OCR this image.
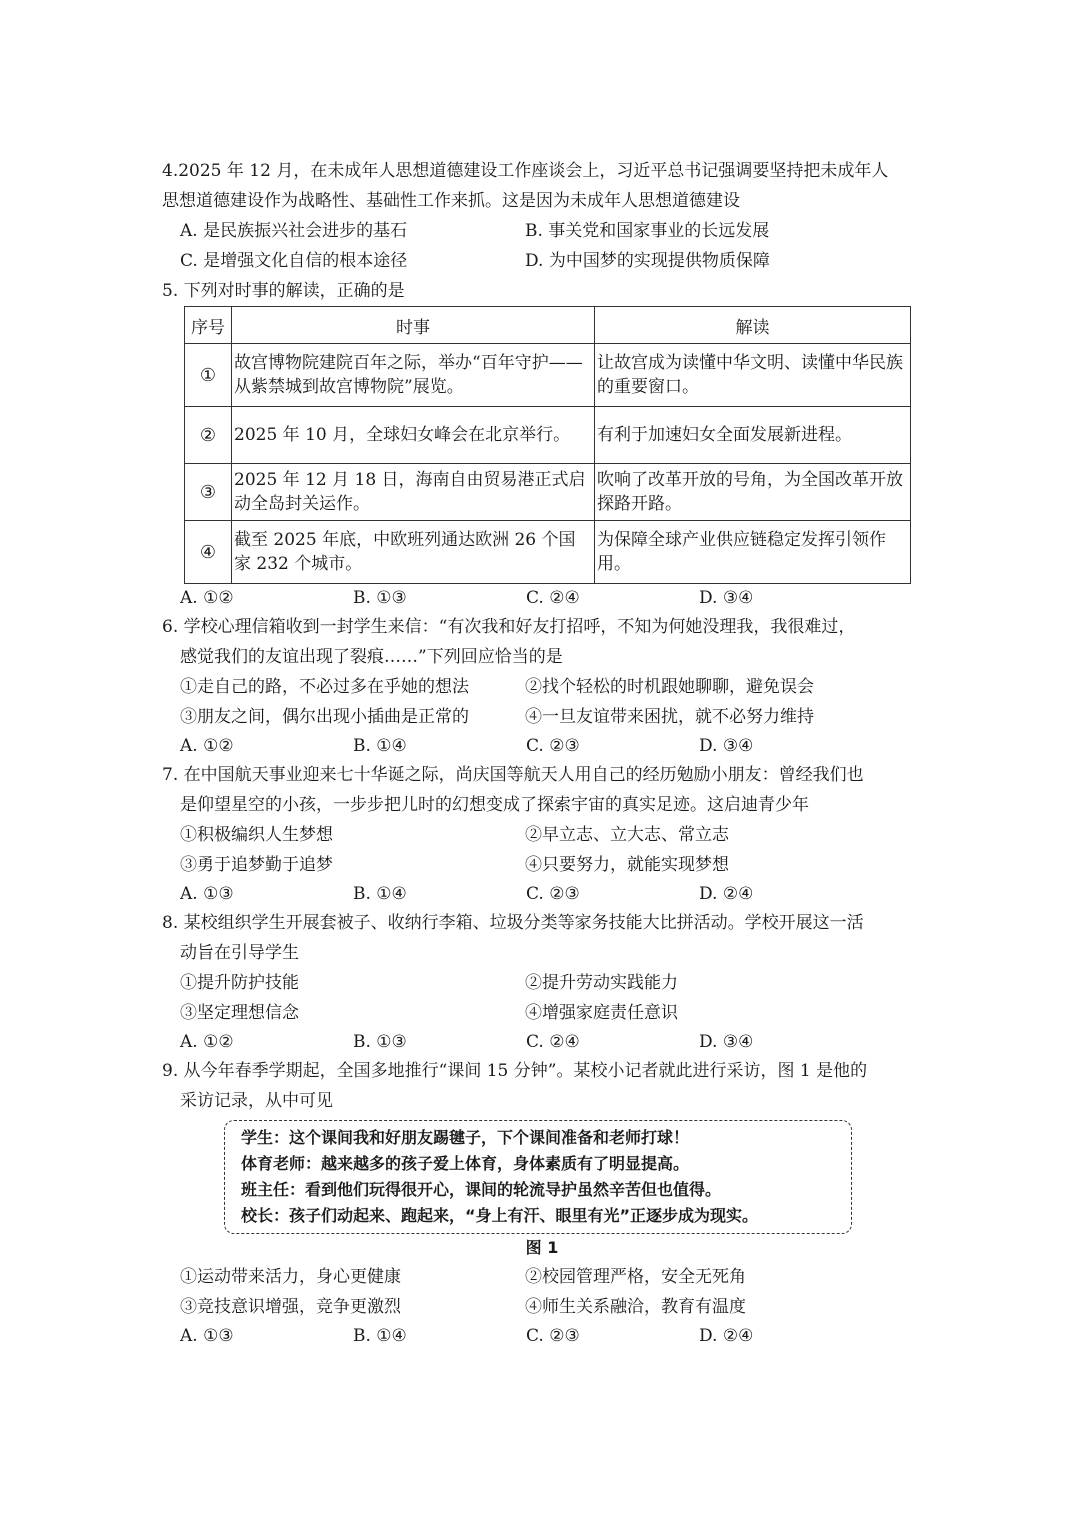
4.2025 年 12 月，在未成年人思想道德建设工作座谈会上，习近平总书记强调要坚持把未成年人
思想道德建设作为战略性、基础性工作来抓。这是因为未成年人思想道德建设
A. 是民族振兴社会进步的基石	B. 事关党和国家事业的长远发展
C. 是增强文化自信的根本途径	D. 为中国梦的实现提供物质保障
5. 下列对时事的解读，正确的是
序号	时事	解读
①	故宫博物院建院百年之际，举办“百年守护——从紫禁城到故宫博物院”展览。	让故宫成为读懂中华文明、读懂中华民族的重要窗口。
②	2025 年 10 月，全球妇女峰会在北京举行。	有利于加速妇女全面发展新进程。
③	2025 年 12 月 18 日，海南自由贸易港正式启动全岛封关运作。	吹响了改革开放的号角，为全国改革开放探路开路。
④	截至 2025 年底，中欧班列通达欧洲 26 个国家 232 个城市。	为保障全球产业供应链稳定发挥引领作用。
A. ①②	B. ①③	C. ②④	D. ③④
6. 学校心理信箱收到一封学生来信：“有次我和好友打招呼，不知为何她没理我，我很难过，
感觉我们的友谊出现了裂痕……”下列回应恰当的是
①走自己的路，不必过多在乎她的想法	②找个轻松的时机跟她聊聊，避免误会
③朋友之间，偶尔出现小插曲是正常的	④一旦友谊带来困扰，就不必努力维持
A. ①②	B. ①④	C. ②③	D. ③④
7. 在中国航天事业迎来七十华诞之际，尚庆国等航天人用自己的经历勉励小朋友：曾经我们也
是仰望星空的小孩，一步步把儿时的幻想变成了探索宇宙的真实足迹。这启迪青少年
①积极编织人生梦想	②早立志、立大志、常立志
③勇于追梦勤于追梦	④只要努力，就能实现梦想
A. ①③	B. ①④	C. ②③	D. ②④
8. 某校组织学生开展套被子、收纳行李箱、垃圾分类等家务技能大比拼活动。学校开展这一活
动旨在引导学生
①提升防护技能	②提升劳动实践能力
③坚定理想信念	④增强家庭责任意识
A. ①②	B. ①③	C. ②④	D. ③④
9. 从今年春季学期起，全国多地推行“课间 15 分钟”。某校小记者就此进行采访，图 1 是他的
采访记录，从中可见
学生：这个课间我和好朋友踢毽子，下个课间准备和老师打球！
体育老师：越来越多的孩子爱上体育，身体素质有了明显提高。
班主任：看到他们玩得很开心，课间的轮流导护虽然辛苦但也值得。
校长：孩子们动起来、跑起来，“身上有汗、眼里有光”正逐步成为现实。
图 1
①运动带来活力，身心更健康	②校园管理严格，安全无死角
③竞技意识增强，竞争更激烈	④师生关系融洽，教育有温度
A. ①③	B. ①④	C. ②③	D. ②④
